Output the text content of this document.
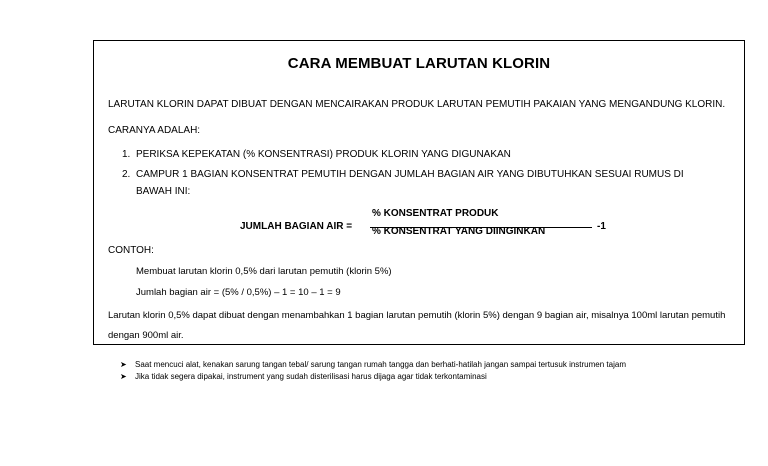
CARA MEMBUAT LARUTAN KLORIN
LARUTAN KLORIN DAPAT DIBUAT DENGAN MENCAIRAKAN PRODUK LARUTAN PEMUTIH PAKAIAN YANG MENGANDUNG KLORIN.
CARANYA ADALAH:
1. PERIKSA KEPEKATAN (% KONSENTRASI) PRODUK KLORIN YANG DIGUNAKAN
2. CAMPUR 1 BAGIAN KONSENTRAT PEMUTIH DENGAN JUMLAH BAGIAN AIR YANG DIBUTUHKAN SESUAI RUMUS DI BAWAH INI:
JUMLAH BAGIAN AIR =
% KONSENTRAT PRODUK
% KONSENTRAT YANG DIINGINKAN	-1
CONTOH:
Membuat larutan klorin 0,5% dari larutan pemutih (klorin 5%)
Jumlah bagian air = (5% / 0,5%) – 1 = 10 – 1 = 9
Larutan klorin 0,5% dapat dibuat dengan menambahkan 1 bagian larutan pemutih (klorin 5%) dengan 9 bagian air, misalnya 100ml larutan pemutih dengan 900ml air.
➤ Saat mencuci alat, kenakan sarung tangan tebal/ sarung tangan rumah tangga dan berhati-hatilah jangan sampai tertusuk instrumen tajam
➤ Jika tidak segera dipakai, instrument yang sudah disterilisasi harus dijaga agar tidak terkontaminasi
